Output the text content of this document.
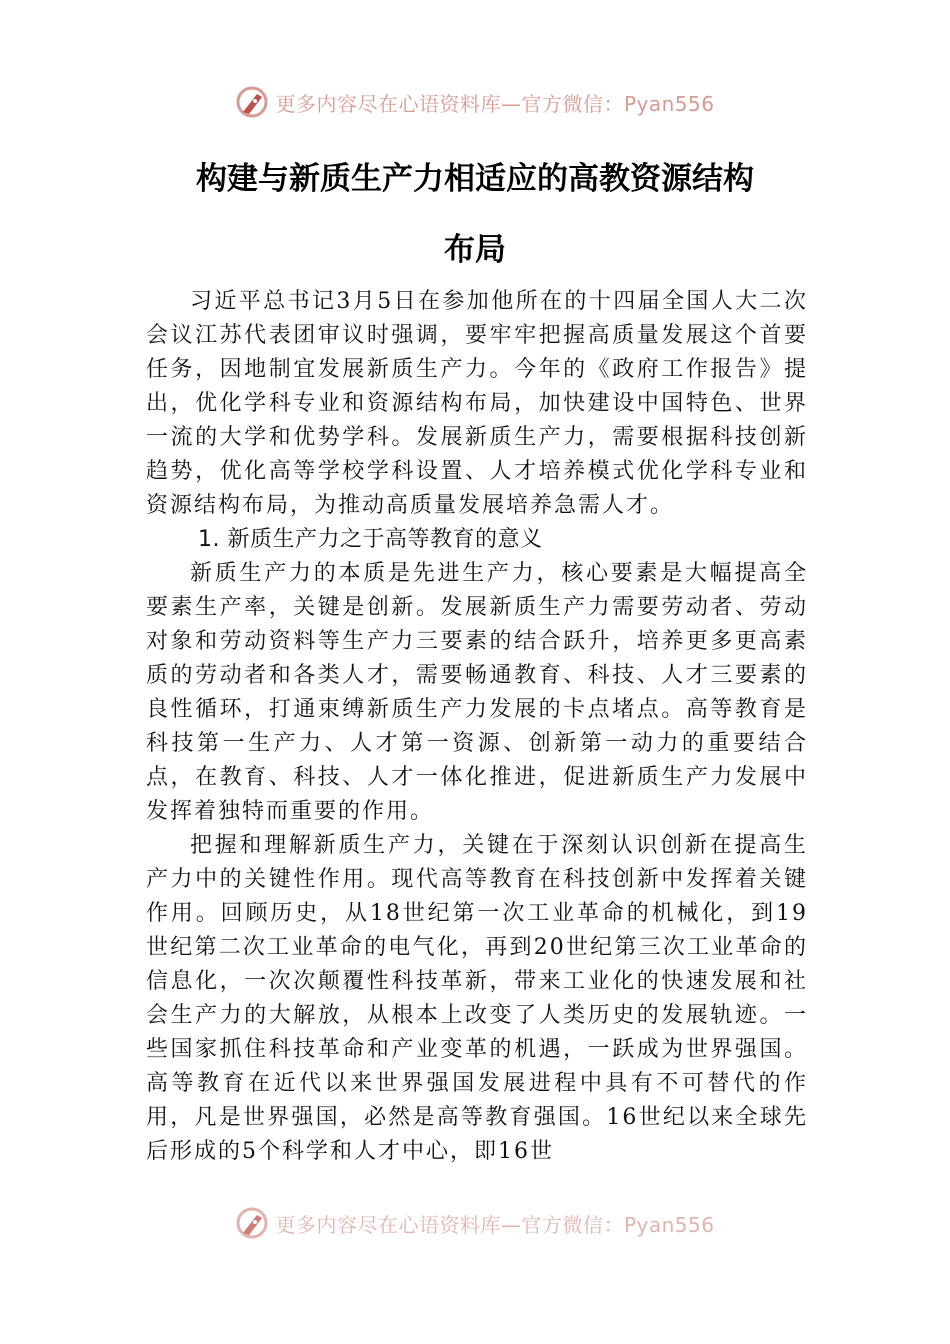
更多内容尽在心语资料库—官方微信：Pyan556
构建与新质生产力相适应的高教资源结构
布局

习近平总书记3月5日在参加他所在的十四届全国人大二次会议江苏代表团审议时强调，要牢牢把握高质量发展这个首要任务，因地制宜发展新质生产力。今年的《政府工作报告》提出，优化学科专业和资源结构布局，加快建设中国特色、世界一流的大学和优势学科。发展新质生产力，需要根据科技创新趋势，优化高等学校学科设置、人才培养模式优化学科专业和资源结构布局，为推动高质量发展培养急需人才。

1. 新质生产力之于高等教育的意义

新质生产力的本质是先进生产力，核心要素是大幅提高全要素生产率，关键是创新。发展新质生产力需要劳动者、劳动对象和劳动资料等生产力三要素的结合跃升，培养更多更高素质的劳动者和各类人才，需要畅通教育、科技、人才三要素的良性循环，打通束缚新质生产力发展的卡点堵点。高等教育是科技第一生产力、人才第一资源、创新第一动力的重要结合点，在教育、科技、人才一体化推进，促进新质生产力发展中发挥着独特而重要的作用。

把握和理解新质生产力，关键在于深刻认识创新在提高生产力中的关键性作用。现代高等教育在科技创新中发挥着关键作用。回顾历史，从18世纪第一次工业革命的机械化，到19世纪第二次工业革命的电气化，再到20世纪第三次工业革命的信息化，一次次颠覆性科技革新，带来工业化的快速发展和社会生产力的大解放，从根本上改变了人类历史的发展轨迹。一些国家抓住科技革命和产业变革的机遇，一跃成为世界强国。高等教育在近代以来世界强国发展进程中具有不可替代的作用，凡是世界强国，必然是高等教育强国。16世纪以来全球先后形成的5个科学和人才中心，即16世

更多内容尽在心语资料库—官方微信：Pyan556
